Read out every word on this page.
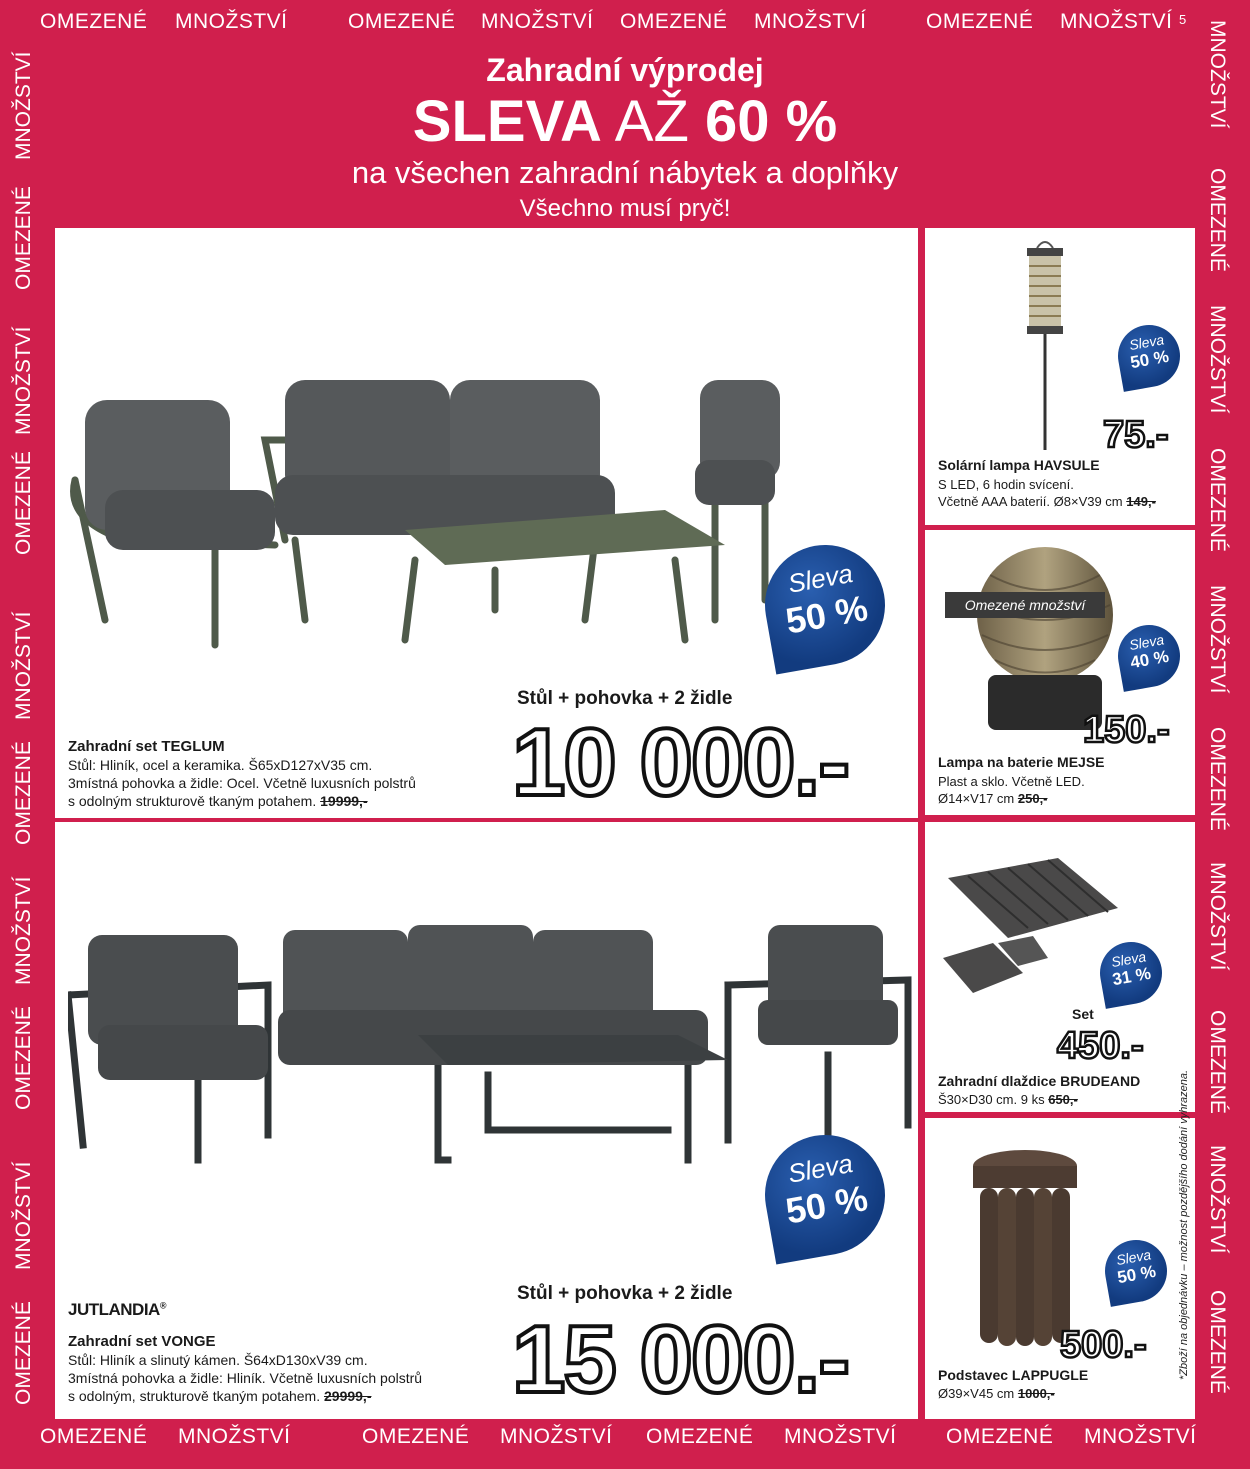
OMEZENÉ MNOŽSTVÍ	OMEZENÉ MNOŽSTVÍ OMEZENÉ MNOŽSTVÍ	OMEZENÉ MNOŽSTVÍ 5
OMEZENÉ MNOŽSTVÍ	OMEZENÉ MNOŽSTVÍ OMEZENÉ MNOŽSTVÍ OMEZENÉ MNOŽSTVÍ
MNOŽSTVÍ
OMEZENÉ
MNOŽSTVÍ
OMEZENÉ
MNOŽSTVÍ
OMEZENÉ
MNOŽSTVÍ
OMEZENÉ
MNOŽSTVÍ
OMEZENÉ
MNOŽSTVÍ
OMEZENÉ
MNOŽSTVÍ
OMEZENÉ
MNOŽSTVÍ
OMEZENÉ
MNOŽSTVÍ
OMEZENÉ
MNOŽSTVÍ
OMEZENÉ
Zahradní výprodej
SLEVA AŽ 60 %
na všechen zahradní nábytek a doplňky
Všechno musí pryč!
Sleva
50 %
Stůl + pohovka + 2 židle
10 000.-
Zahradní set TEGLUM
Stůl: Hliník, ocel a keramika. Š65xD127xV35 cm.
3místná pohovka a židle: Ocel. Včetně luxusních polstrů
s odolným strukturově tkaným potahem. 19999,-
Sleva
50 %
Stůl + pohovka + 2 židle
15 000.-
JUTLANDIA®
Zahradní set VONGE
Stůl: Hliník a slinutý kámen. Š64xD130xV39 cm.
3místná pohovka a židle: Hliník. Včetně luxusních polstrů
s odolným, strukturově tkaným potahem. 29999,-
Sleva
50 %
75.-
Solární lampa HAVSULE
S LED, 6 hodin svícení.
Včetně AAA baterií. Ø8×V39 cm 149,-
Omezené množství
Sleva
40 %
150.-
Lampa na baterie MEJSE
Plast a sklo. Včetně LED.
Ø14×V17 cm 250,-
Sleva
31 %
Set
450.-
Zahradní dlaždice BRUDEAND
Š30×D30 cm. 9 ks 650,-
Sleva
50 %
500.-
Podstavec LAPPUGLE
Ø39×V45 cm 1000,-
*Zboží na objednávku – možnost pozdějšího dodání vyhrazena.
